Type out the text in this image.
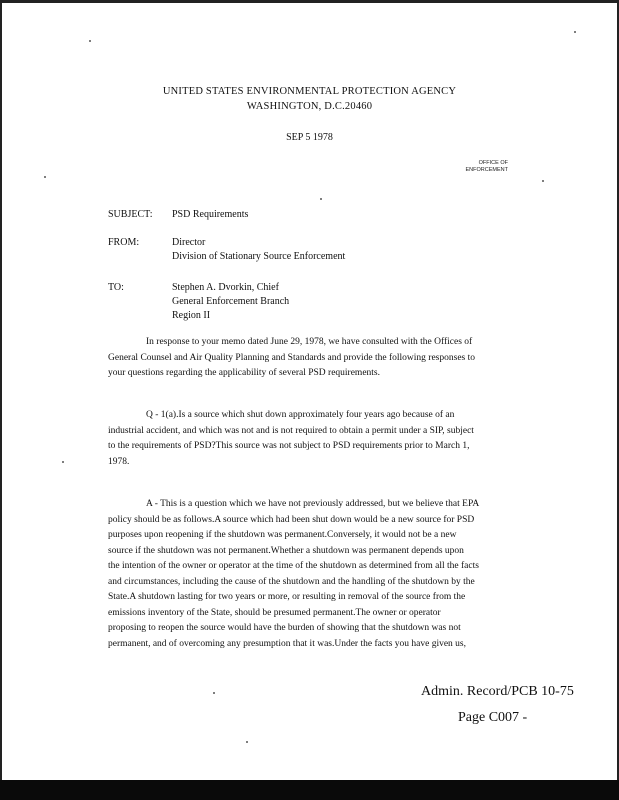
UNITED STATES ENVIRONMENTAL PROTECTION AGENCY
WASHINGTON, D.C.20460
SEP 5 1978
OFFICE OF
ENFORCEMENT
SUBJECT: PSD Requirements
FROM:	Director
Division of Stationary Source Enforcement
TO:	Stephen A. Dvorkin, Chief
General Enforcement Branch
Region II
In response to your memo dated June 29, 1978, we have consulted with the Offices of
General Counsel and Air Quality Planning and Standards and provide the following responses to
your questions regarding the applicability of several PSD requirements.
Q - 1(a).Is a source which shut down approximately four years ago because of an
industrial accident, and which was not and is not required to obtain a permit under a SIP, subject
to the requirements of PSD?This source was not subject to PSD requirements prior to March 1,
1978.
A - This is a question which we have not previously addressed, but we believe that EPA
policy should be as follows.A source which had been shut down would be a new source for PSD
purposes upon reopening if the shutdown was permanent.Conversely, it would not be a new
source if the shutdown was not permanent.Whether a shutdown was permanent depends upon
the intention of the owner or operator at the time of the shutdown as determined from all the facts
and circumstances, including the cause of the shutdown and the handling of the shutdown by the
State.A shutdown lasting for two years or more, or resulting in removal of the source from the
emissions inventory of the State, should be presumed permanent.The owner or operator
proposing to reopen the source would have the burden of showing that the shutdown was not
permanent, and of overcoming any presumption that it was.Under the facts you have given us,
Admin. Record/PCB 10-75
Page C007 -
